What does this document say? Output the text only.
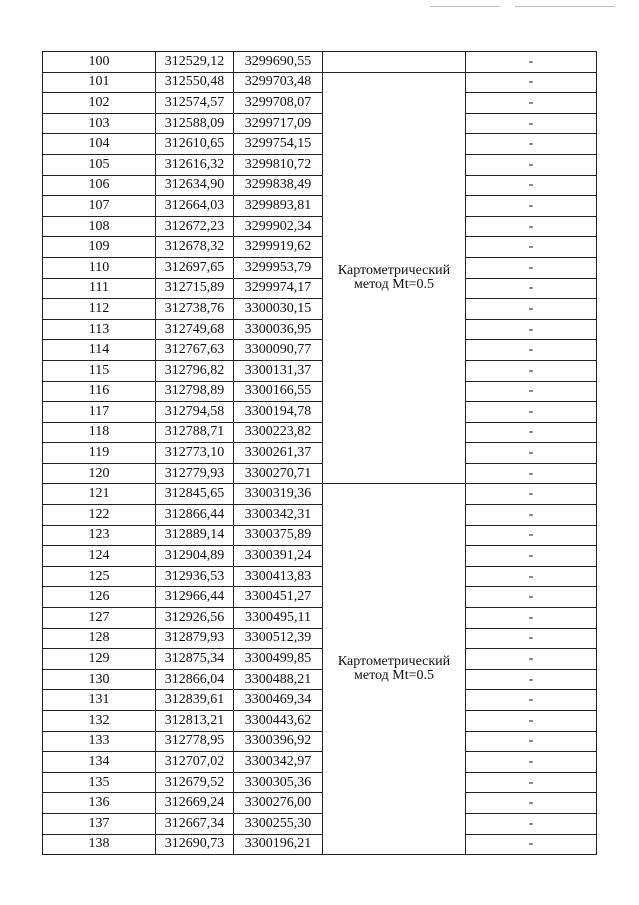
100	312529,12	3299690,55		-
101	312550,48	3299703,48	Картометрический метод Mt=0.5	-
102	312574,57	3299708,07		-
103	312588,09	3299717,09		-
104	312610,65	3299754,15		-
105	312616,32	3299810,72		-
106	312634,90	3299838,49		-
107	312664,03	3299893,81		-
108	312672,23	3299902,34		-
109	312678,32	3299919,62		-
110	312697,65	3299953,79		-
111	312715,89	3299974,17		-
112	312738,76	3300030,15		-
113	312749,68	3300036,95		-
114	312767,63	3300090,77		-
115	312796,82	3300131,37		-
116	312798,89	3300166,55		-
117	312794,58	3300194,78		-
118	312788,71	3300223,82		-
119	312773,10	3300261,37		-
120	312779,93	3300270,71		-
121	312845,65	3300319,36	Картометрический метод Mt=0.5	-
122	312866,44	3300342,31		-
123	312889,14	3300375,89		-
124	312904,89	3300391,24		-
125	312936,53	3300413,83		-
126	312966,44	3300451,27		-
127	312926,56	3300495,11		-
128	312879,93	3300512,39		-
129	312875,34	3300499,85		-
130	312866,04	3300488,21		-
131	312839,61	3300469,34		-
132	312813,21	3300443,62		-
133	312778,95	3300396,92		-
134	312707,02	3300342,97		-
135	312679,52	3300305,36		-
136	312669,24	3300276,00		-
137	312667,34	3300255,30		-
138	312690,73	3300196,21		-
